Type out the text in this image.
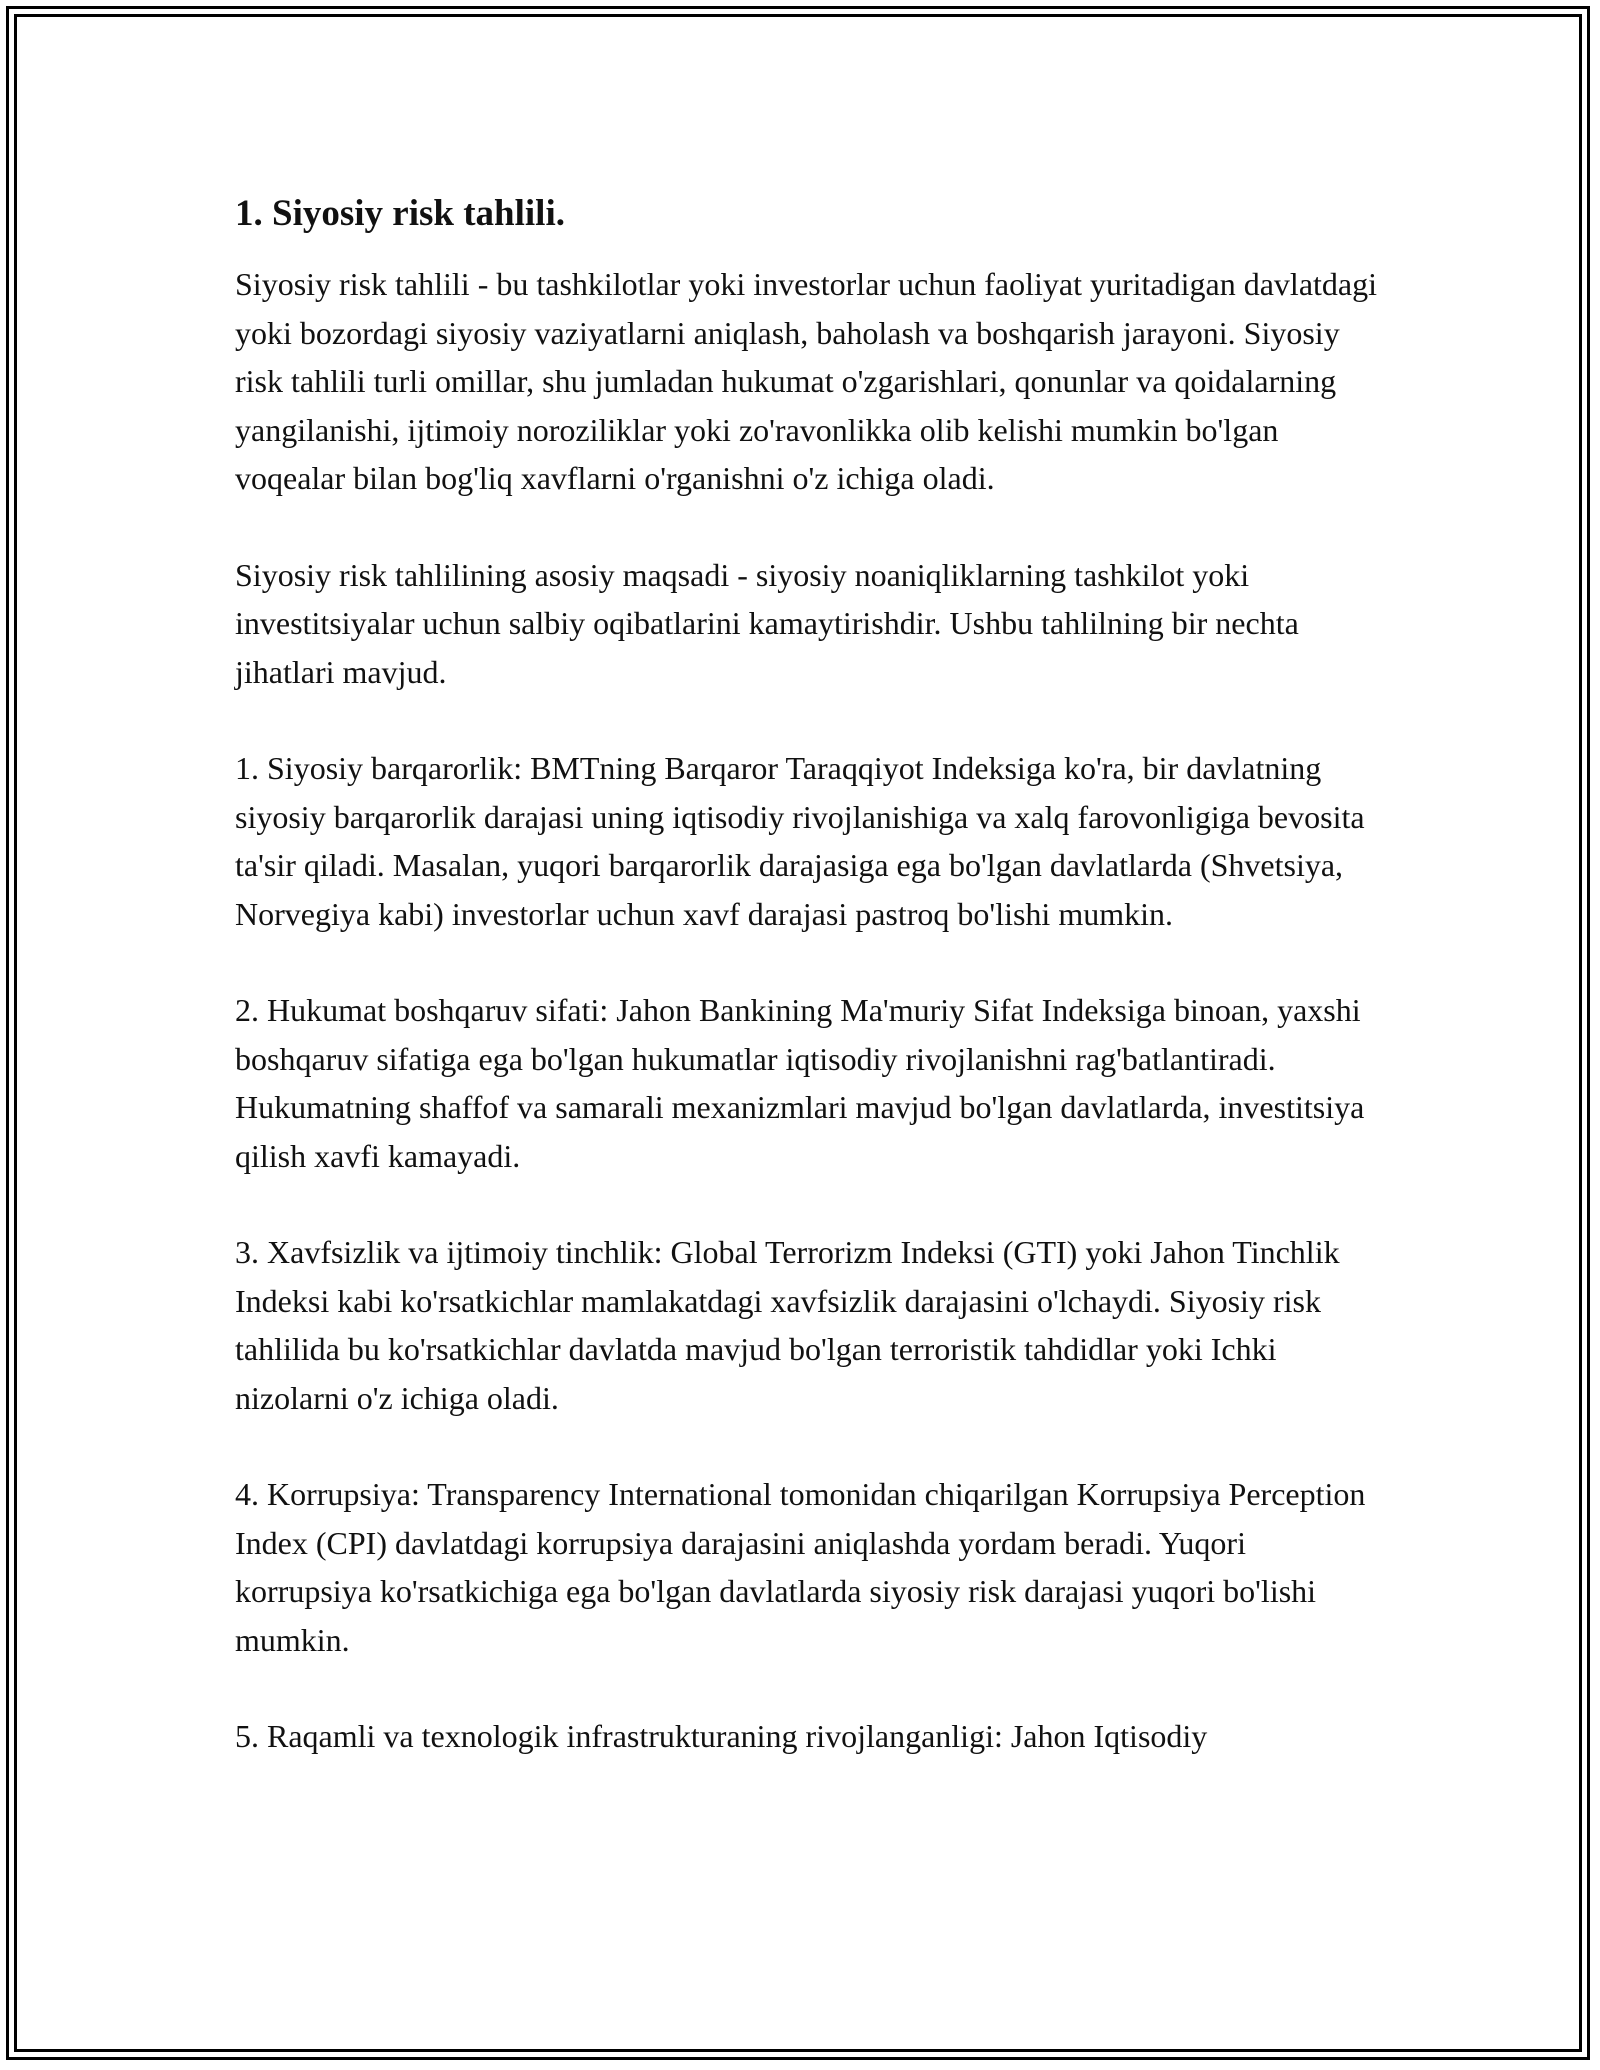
1. Siyosiy risk tahlili.

Siyosiy risk tahlili - bu tashkilotlar yoki investorlar uchun faoliyat yuritadigan davlatdagi yoki bozordagi siyosiy vaziyatlarni aniqlash, baholash va boshqarish jarayoni. Siyosiy risk tahlili turli omillar, shu jumladan hukumat o'zgarishlari, qonunlar va qoidalarning yangilanishi, ijtimoiy noroziliklar yoki zo'ravonlikka olib kelishi mumkin bo'lgan voqealar bilan bog'liq xavflarni o'rganishni o'z ichiga oladi.

Siyosiy risk tahlilining asosiy maqsadi - siyosiy noaniqliklarning tashkilot yoki investitsiyalar uchun salbiy oqibatlarini kamaytirishdir. Ushbu tahlilning bir nechta jihatlari mavjud.

1. Siyosiy barqarorlik: BMTning Barqaror Taraqqiyot Indeksiga ko'ra, bir davlatning siyosiy barqarorlik darajasi uning iqtisodiy rivojlanishiga va xalq farovonligiga bevosita ta'sir qiladi. Masalan, yuqori barqarorlik darajasiga ega bo'lgan davlatlarda (Shvetsiya, Norvegiya kabi) investorlar uchun xavf darajasi pastroq bo'lishi mumkin.

2. Hukumat boshqaruv sifati: Jahon Bankining Ma'muriy Sifat Indeksiga binoan, yaxshi boshqaruv sifatiga ega bo'lgan hukumatlar iqtisodiy rivojlanishni rag'batlantiradi. Hukumatning shaffof va samarali mexanizmlari mavjud bo'lgan davlatlarda, investitsiya qilish xavfi kamayadi.

3. Xavfsizlik va ijtimoiy tinchlik: Global Terrorizm Indeksi (GTI) yoki Jahon Tinchlik Indeksi kabi ko'rsatkichlar mamlakatdagi xavfsizlik darajasini o'lchaydi. Siyosiy risk tahlilida bu ko'rsatkichlar davlatda mavjud bo'lgan terroristik tahdidlar yoki Ichki nizolarni o'z ichiga oladi.

4. Korrupsiya: Transparency International tomonidan chiqarilgan Korrupsiya Perception Index (CPI) davlatdagi korrupsiya darajasini aniqlashda yordam beradi. Yuqori korrupsiya ko'rsatkichiga ega bo'lgan davlatlarda siyosiy risk darajasi yuqori bo'lishi mumkin.

5. Raqamli va texnologik infrastrukturaning rivojlanganligi: Jahon Iqtisodiy
